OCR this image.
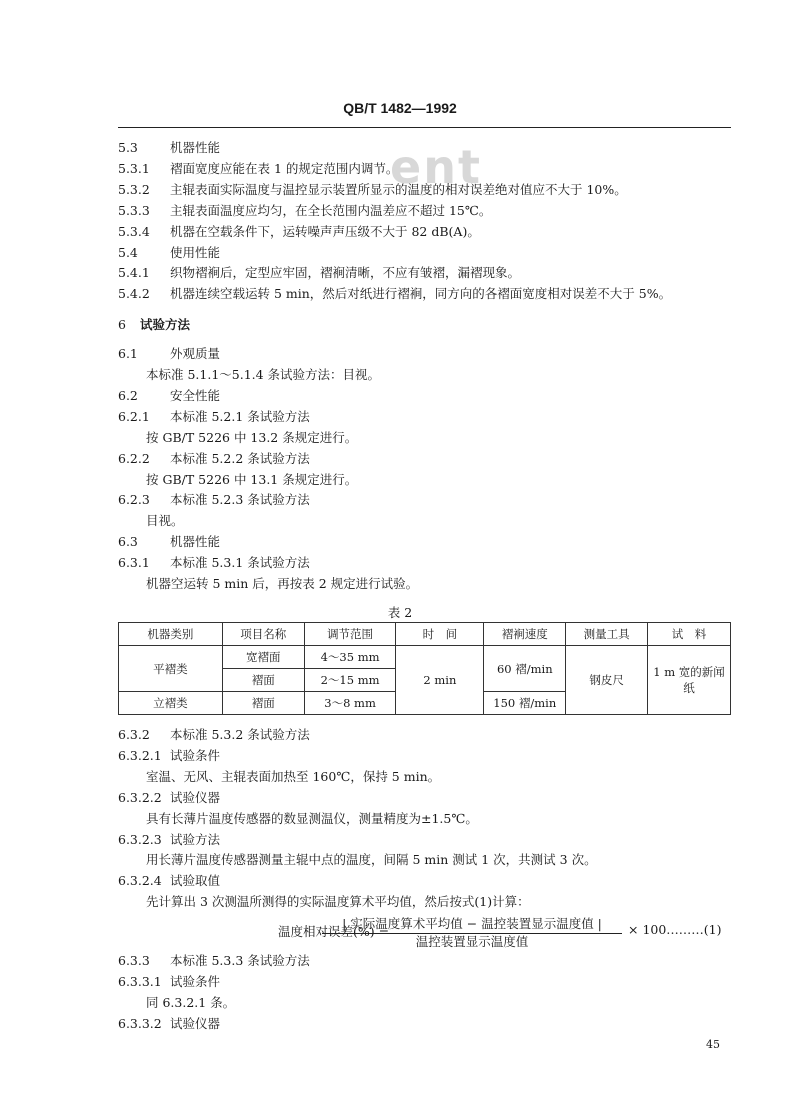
ent
QB/T 1482—1992
5.3	机器性能
5.3.1 褶面宽度应能在表 1 的规定范围内调节。
5.3.2 主辊表面实际温度与温控显示装置所显示的温度的相对误差绝对值应不大于 10%。
5.3.3 主辊表面温度应均匀，在全长范围内温差应不超过 15℃。
5.3.4 机器在空载条件下，运转噪声声压级不大于 82 dB(A)。
5.4	使用性能
5.4.1 织物褶裥后，定型应牢固，褶裥清晰，不应有皱褶，漏褶现象。
5.4.2 机器连续空载运转 5 min，然后对纸进行褶裥，同方向的各褶面宽度相对误差不大于 5%。
6 试验方法
6.1	外观质量
本标准 5.1.1～5.1.4 条试验方法：目视。
6.2	安全性能
6.2.1 本标准 5.2.1 条试验方法
按 GB/T 5226 中 13.2 条规定进行。
6.2.2 本标准 5.2.2 条试验方法
按 GB/T 5226 中 13.1 条规定进行。
6.2.3 本标准 5.2.3 条试验方法
目视。
6.3	机器性能
6.3.1 本标准 5.3.1 条试验方法
机器空运转 5 min 后，再按表 2 规定进行试验。
表 2
机器类别	项目名称	调节范围	时　间	褶裥速度	测量工具	试　料
平褶类	宽褶面	4～35 mm	2 min	60 褶/min	钢皮尺	1 m 宽的新闻纸
	褶面	2～15 mm				
立褶类	褶面	3～8 mm		150 褶/min		
6.3.2 本标准 5.3.2 条试验方法
6.3.2.1 试验条件
室温、无风、主辊表面加热至 160℃，保持 5 min。
6.3.2.2 试验仪器
具有长薄片温度传感器的数显测温仪，测量精度为±1.5℃。
6.3.2.3 试验方法
用长薄片温度传感器测量主辊中点的温度，间隔 5 min 测试 1 次，共测试 3 次。
6.3.2.4 试验取值
先计算出 3 次测温所测得的实际温度算术平均值，然后按式(1)计算：
温度相对误差(%) =
| 实际温度算术平均值 − 温控装置显示温度值 |
温控装置显示温度值
× 100………(1)
6.3.3 本标准 5.3.3 条试验方法
6.3.3.1 试验条件
同 6.3.2.1 条。
6.3.3.2 试验仪器
45
